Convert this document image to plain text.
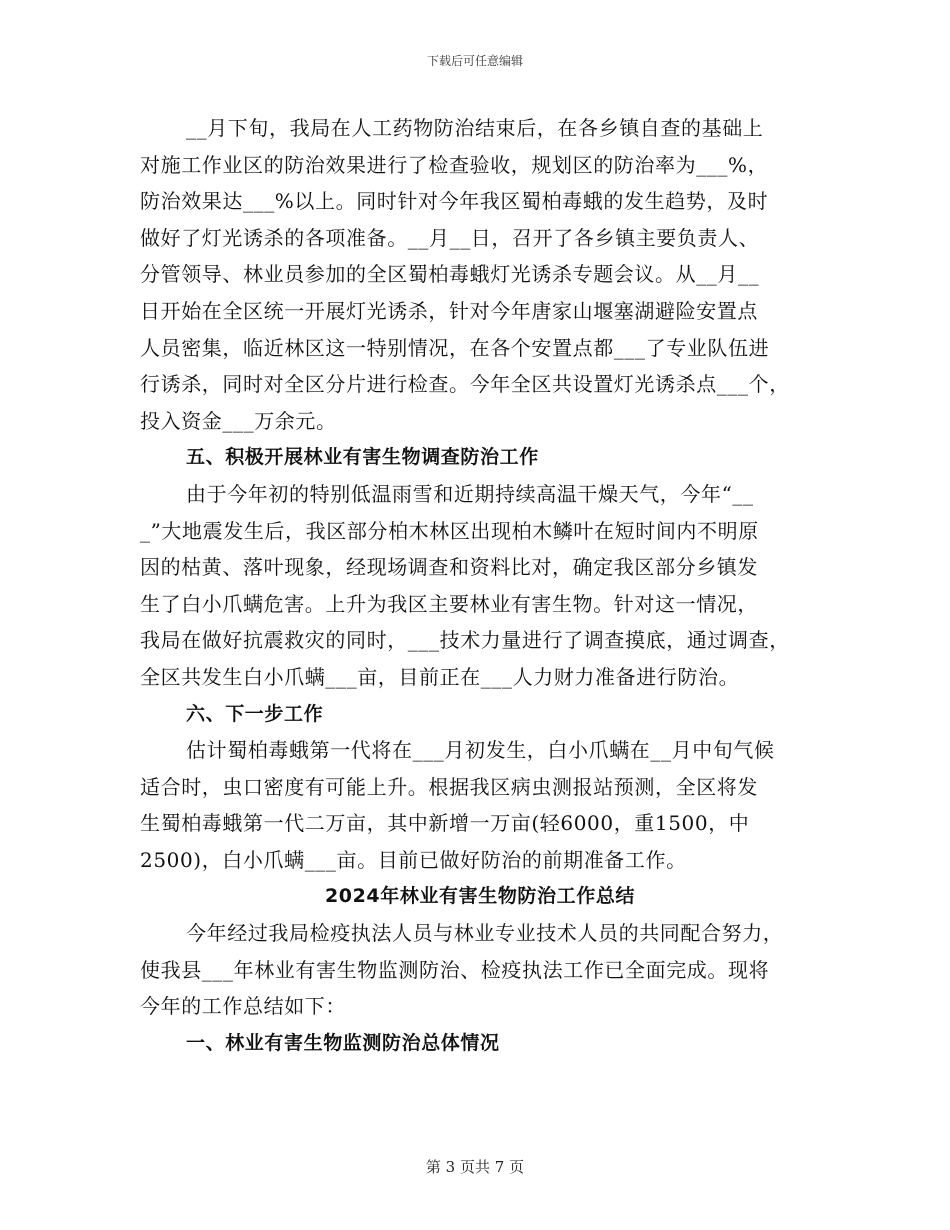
下载后可任意编辑
__月下旬，我局在人工药物防治结束后，在各乡镇自查的基础上
对施工作业区的防治效果进行了检查验收，规划区的防治率为___%，
防治效果达___%以上。同时针对今年我区蜀柏毒蛾的发生趋势，及时
做好了灯光诱杀的各项准备。__月__日，召开了各乡镇主要负责人、
分管领导、林业员参加的全区蜀柏毒蛾灯光诱杀专题会议。从__月__
日开始在全区统一开展灯光诱杀，针对今年唐家山堰塞湖避险安置点
人员密集，临近林区这一特别情况，在各个安置点都___了专业队伍进
行诱杀，同时对全区分片进行检查。今年全区共设置灯光诱杀点___个，
投入资金___万余元。
五、积极开展林业有害生物调查防治工作
由于今年初的特别低温雨雪和近期持续高温干燥天气，今年“__
_”大地震发生后，我区部分柏木林区出现柏木鳞叶在短时间内不明原
因的枯黄、落叶现象，经现场调查和资料比对，确定我区部分乡镇发
生了白小爪螨危害。上升为我区主要林业有害生物。针对这一情况，
我局在做好抗震救灾的同时，___技术力量进行了调查摸底，通过调查，
全区共发生白小爪螨___亩，目前正在___人力财力准备进行防治。
六、下一步工作
估计蜀柏毒蛾第一代将在___月初发生，白小爪螨在__月中旬气候
适合时，虫口密度有可能上升。根据我区病虫测报站预测，全区将发
生蜀柏毒蛾第一代二万亩，其中新增一万亩(轻6000，重1500，中
2500)，白小爪螨___亩。目前已做好防治的前期准备工作。
2024年林业有害生物防治工作总结
今年经过我局检疫执法人员与林业专业技术人员的共同配合努力，
使我县___年林业有害生物监测防治、检疫执法工作已全面完成。现将
今年的工作总结如下：
一、林业有害生物监测防治总体情况
第 3 页共 7 页
